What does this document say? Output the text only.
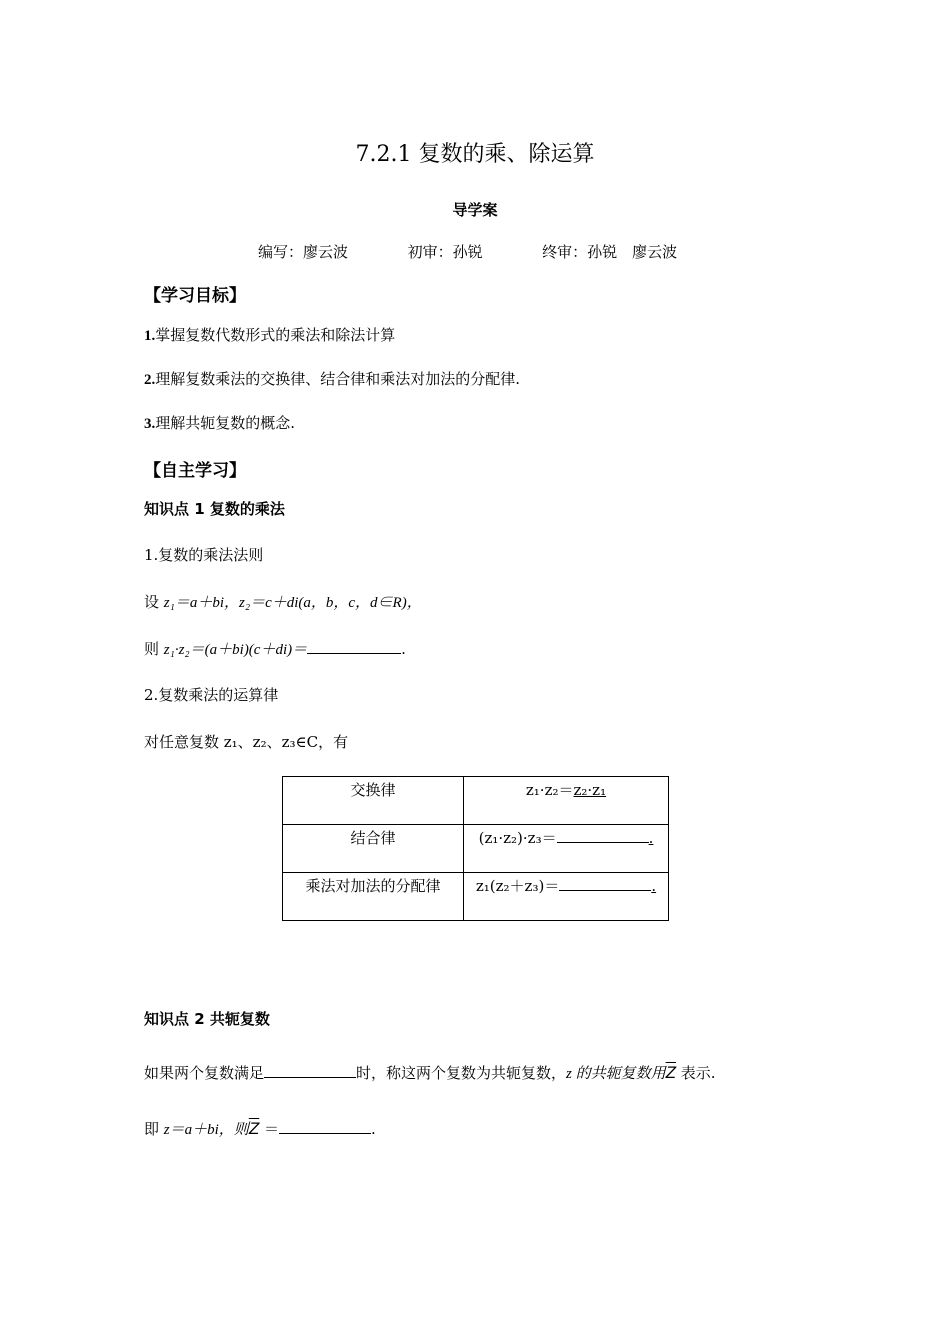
7.2.1 复数的乘、除运算
导学案
编写：廖云波	初审：孙锐	终审：孙锐　廖云波
【学习目标】
1.掌握复数代数形式的乘法和除法计算
2.理解复数乘法的交换律、结合律和乘法对加法的分配律.
3.理解共轭复数的概念.
【自主学习】
知识点 1 复数的乘法
1.复数的乘法法则
设 z₁＝a＋bi，z₂＝c＋di(a，b，c，d∈R)，
则 z₁·z₂＝(a＋bi)(c＋di)＝	.
2.复数乘法的运算律
对任意复数 z₁、z₂、z₃∈C，有
交换律	z₁·z₂＝z₂·z₁
结合律	(z₁·z₂)·z₃＝ .
乘法对加法的分配律	z₁(z₂＋z₃)＝ .
知识点 2 共轭复数
如果两个复数满足	时，称这两个复数为共轭复数，z 的共轭复数用$\overline{Z}$ 表示.
即 z＝a＋bi，则$\overline{Z}$ ＝	.
